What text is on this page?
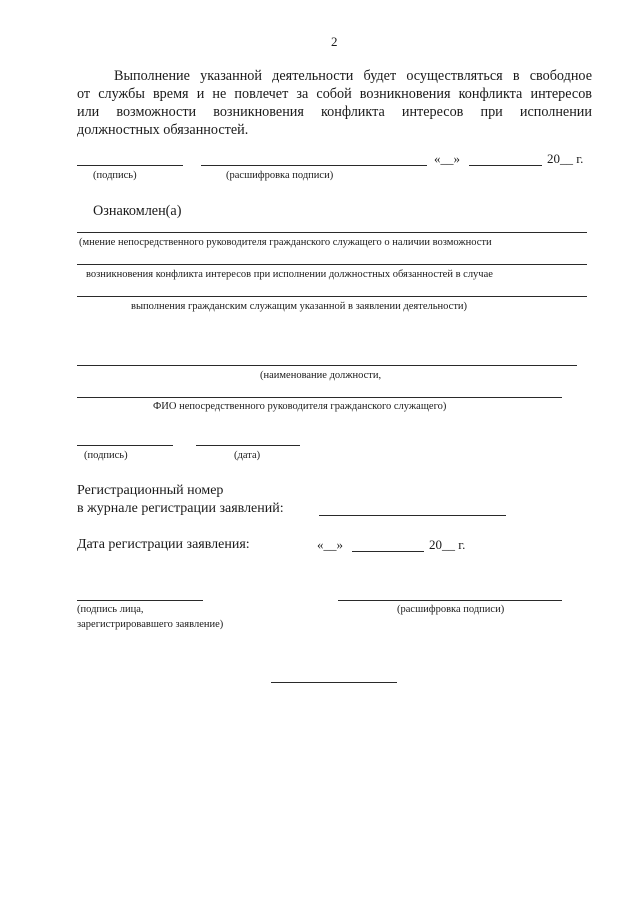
2
Выполнение указанной деятельности будет осуществляться в свободное
от службы время и не повлечет за собой возникновения конфликта интересов
или возможности возникновения конфликта интересов при исполнении
должностных обязанностей.
«__»	20__ г.
(подпись)	(расшифровка подписи)
Ознакомлен(а)
(мнение непосредственного руководителя гражданского служащего о наличии возможности
возникновения конфликта интересов при исполнении должностных обязанностей в случае
выполнения гражданским служащим указанной в заявлении деятельности)
(наименование должности,
ФИО непосредственного руководителя гражданского служащего)
(подпись)	(дата)
Регистрационный номер
в журнале регистрации заявлений:
Дата регистрации заявления:	«__»	20__ г.
(подпись лица,
зарегистрировавшего заявление)
(расшифровка подписи)
